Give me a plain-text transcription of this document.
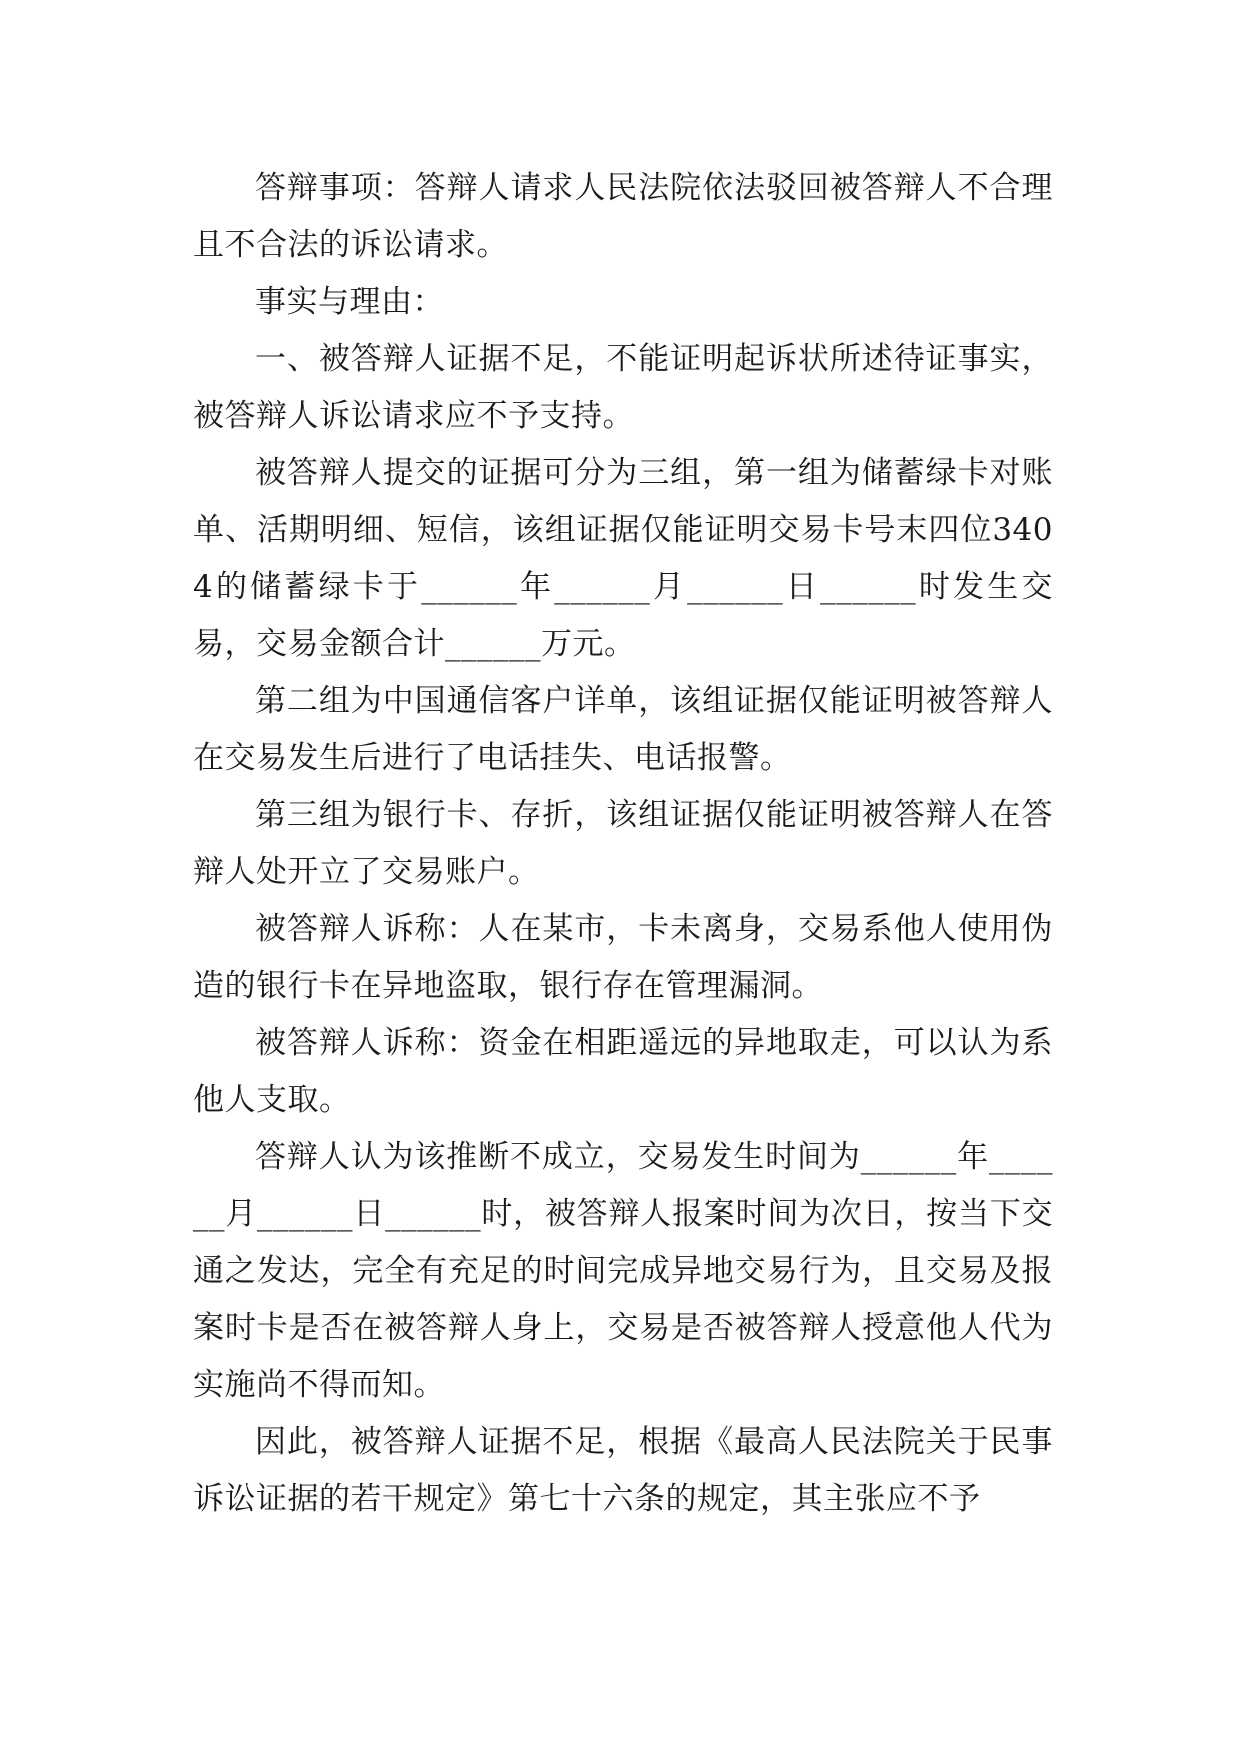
答辩事项：答辩人请求人民法院依法驳回被答辩人不合理且不合法的诉讼请求。

事实与理由：

一、被答辩人证据不足，不能证明起诉状所述待证事实，被答辩人诉讼请求应不予支持。

被答辩人提交的证据可分为三组，第一组为储蓄绿卡对账单、活期明细、短信，该组证据仅能证明交易卡号末四位3404的储蓄绿卡于______年______月______日______时发生交易，交易金额合计______万元。

第二组为中国通信客户详单，该组证据仅能证明被答辩人在交易发生后进行了电话挂失、电话报警。

第三组为银行卡、存折，该组证据仅能证明被答辩人在答辩人处开立了交易账户。

被答辩人诉称：人在某市，卡未离身，交易系他人使用伪造的银行卡在异地盗取，银行存在管理漏洞。

被答辩人诉称：资金在相距遥远的异地取走，可以认为系他人支取。

答辩人认为该推断不成立，交易发生时间为______年______月______日______时，被答辩人报案时间为次日，按当下交通之发达，完全有充足的时间完成异地交易行为，且交易及报案时卡是否在被答辩人身上，交易是否被答辩人授意他人代为实施尚不得而知。

因此，被答辩人证据不足，根据《最高人民法院关于民事诉讼证据的若干规定》第七十六条的规定，其主张应不予
